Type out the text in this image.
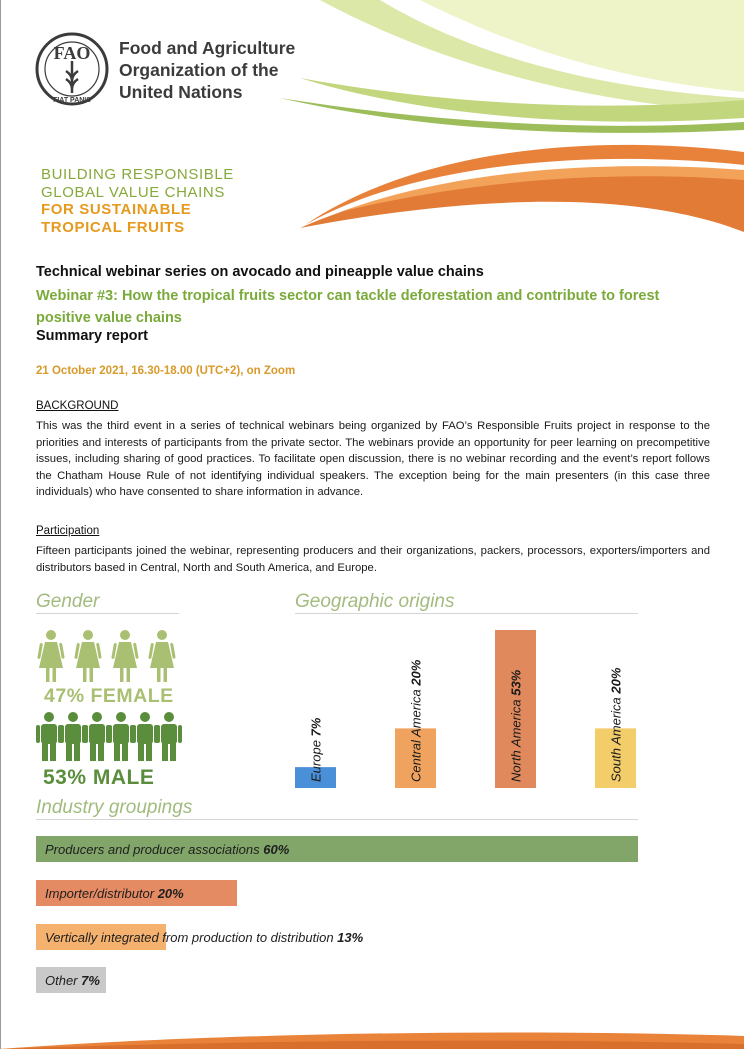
FAO
FIAT PANIS
Food and Agriculture
Organization of the
United Nations
BUILDING RESPONSIBLE
GLOBAL VALUE CHAINS
FOR SUSTAINABLE
TROPICAL FRUITS
Technical webinar series on avocado and pineapple value chains
Webinar #3: How the tropical fruits sector can tackle deforestation and contribute to forest positive value chains
Summary report
21 October 2021, 16.30-18.00 (UTC+2), on Zoom
BACKGROUND
This was the third event in a series of technical webinars being organized by FAO’s Responsible Fruits project in response to the priorities and interests of participants from the private sector. The webinars provide an opportunity for peer learning on precompetitive issues, including sharing of good practices. To facilitate open discussion, there is no webinar recording and the event’s report follows the Chatham House Rule of not identifying individual speakers. The exception being for the main presenters (in this case three individuals) who have consented to share information in advance.
Participation
Fifteen participants joined the webinar, representing producers and their organizations, packers, processors, exporters/importers and distributors based in Central, North and South America, and Europe.
Gender
47% FEMALE
53% MALE
Geographic origins
Europe 7%	Central America 20%
North America 53%
South America 20%
Industry groupings
Producers and producer associations 60%
Importer/distributor 20%
Vertically integrated from production to distribution 13%
Other 7%
